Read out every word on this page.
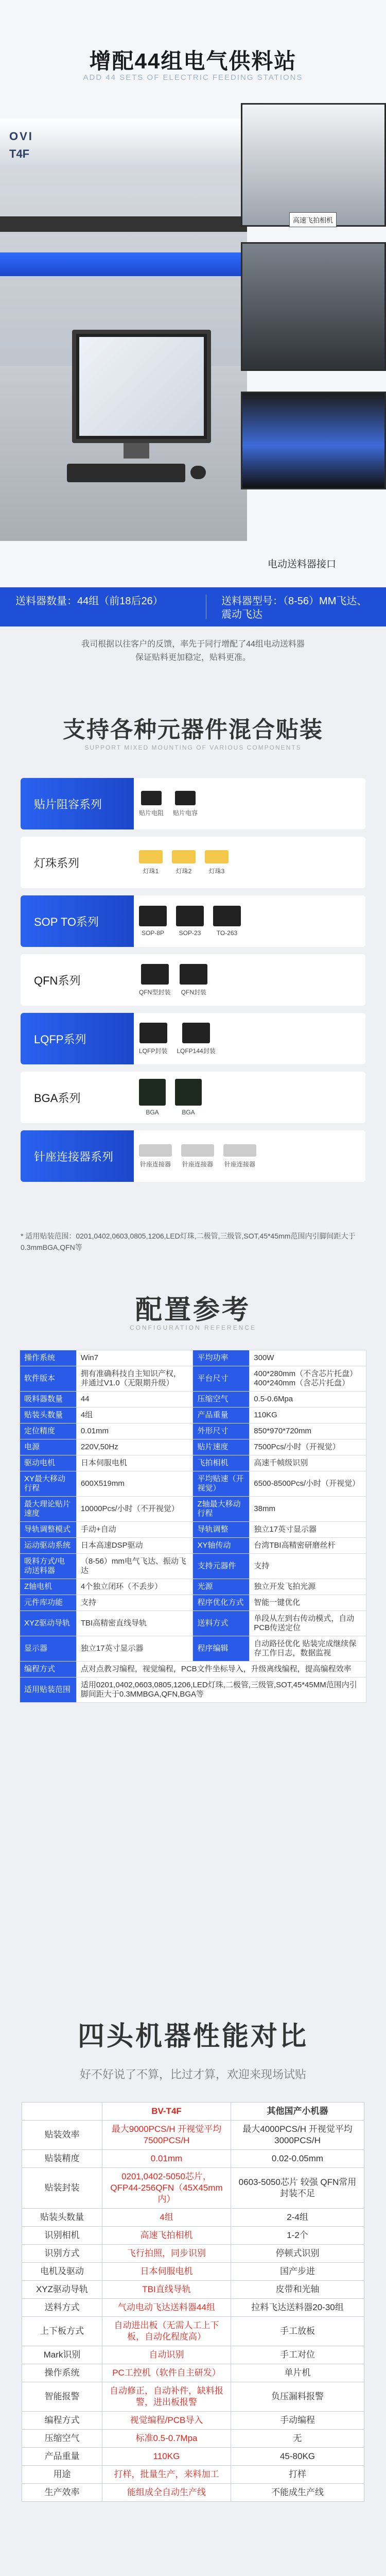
增配44组电气供料站
ADD 44 SETS OF ELECTRIC FEEDING STATIONS
OVI
T4F
高速飞拍相机
电动送料器接口
送料器数量：44组（前18后26）	送料器型号：（8-56）MM飞达、震动飞达
我司根据以往客户的反馈，率先于同行增配了44组电动送料器
保证贴料更加稳定，贴料更准。
支持各种元器件混合贴装
SUPPORT MIXED MOUNTING OF VARIOUS COMPONENTS
贴片阻容系列
贴片电阻 贴片电容
灯珠系列
灯珠1	灯珠2	灯珠3
SOP TO系列
SOP-8P SOP-23	TO-263
QFN系列
QFN型封装 QFN封装
LQFP系列
LQFP封装 LQFP144封装
BGA系列
BGA	BGA
针座连接器系列
针座连接器 针座连接器 针座连接器
* 适用贴装范围：0201,0402,0603,0805,1206,LED灯珠,二极管,三级管,SOT,45*45mm范围内引脚间距大于0.3mmBGA,QFN等
配置参考
CONFIGURATION REFERENCE
操作系统	Win7	平均功率	300W
软件版本	拥有准确科技自主知识产权，并通过V1.0（无限期升级）	平台尺寸	400*280mm（不含芯片托盘）400*240mm（含芯片托盘）
吸料器数量	44	压缩空气	0.5-0.6Mpa
贴装头数量	4组	产品重量	110KG
定位精度	0.01mm	外形尺寸	850*970*720mm
电源	220V,50Hz	贴片速度	7500Pcs/小时（开视觉）
驱动电机	日本伺服电机	飞拍相机	高速千帧级识别
XY最大移动行程	600X519mm	平均贴速（开视觉）	6500-8500Pcs/小时（开视觉）
最大理论贴片速度	10000Pcs/小时（不开视觉）	Z轴最大移动行程	38mm
导轨调整模式	手动+自动	导轨调整	独立17英寸显示器
运动驱动系统	日本高速DSP驱动	XY轴传动	台湾TBI高精密研磨丝杆
吸料方式/电动送料器	（8-56）mm电气飞达、振动飞达	支持元器件	支持
Z轴电机	4个独立闭环（不丢步）	光源	独立开发飞拍光源
元件库功能	支持	程序优化方式	智能一键优化
XYZ驱动导轨	TBI高精密直线导轨	送料方式	单段从左到右传动模式，自动PCB传送定位
显示器	独立17英寸显示器	程序编辑	自动路径优化 贴装完成继续保存工作日志，数据监视
编程方式	点对点教习编程，视觉编程，PCB文件坐标导入，升级离线编程，提高编程效率		
适用贴装范围	适用0201,0402,0603,0805,1206,LED灯珠,二极管,三级管,SOT,45*45MM范围内引脚间距大于0.3MMBGA,QFN,BGA等		
四头机器性能对比
好不好说了不算，比过才算，欢迎来现场试贴
	BV-T4F	其他国产小机器
贴装效率	最大9000PCS/H 开视觉平均7500PCS/H	最大4000PCS/H 开视觉平均3000PCS/H
贴装精度	0.01mm	0.02-0.05mm
贴装封装	0201,0402-5050芯片，QFP44-256QFN（45X45mm内）	0603-5050芯片 较强 QFN常用封装不足
贴装头数量	4组	2-4组
识别相机	高速飞拍相机	1-2个
识别方式	飞行拍照，同步识别	停顿式识别
电机及驱动	日本伺服电机	国产步进
XYZ驱动导轨	TBI直线导轨	皮带和光轴
送料方式	气动电动飞达送料器44组	拉料飞达送料器20-30组
上下板方式	自动进出板（无需人工上下板，自动化程度高）	手工放板
Mark识别	自动识别	手工对位
操作系统	PC工控机（软件自主研发）	单片机
智能报警	自动修正，自动补件，缺料报警，进出板报警	负压漏料报警
编程方式	视觉编程/PCB导入	手动编程
压缩空气	标准0.5-0.7Mpa	无
产品重量	110KG	45-80KG
用途	打样，批量生产，来料加工	打样
生产效率	能组成全自动生产线	不能成生产线
